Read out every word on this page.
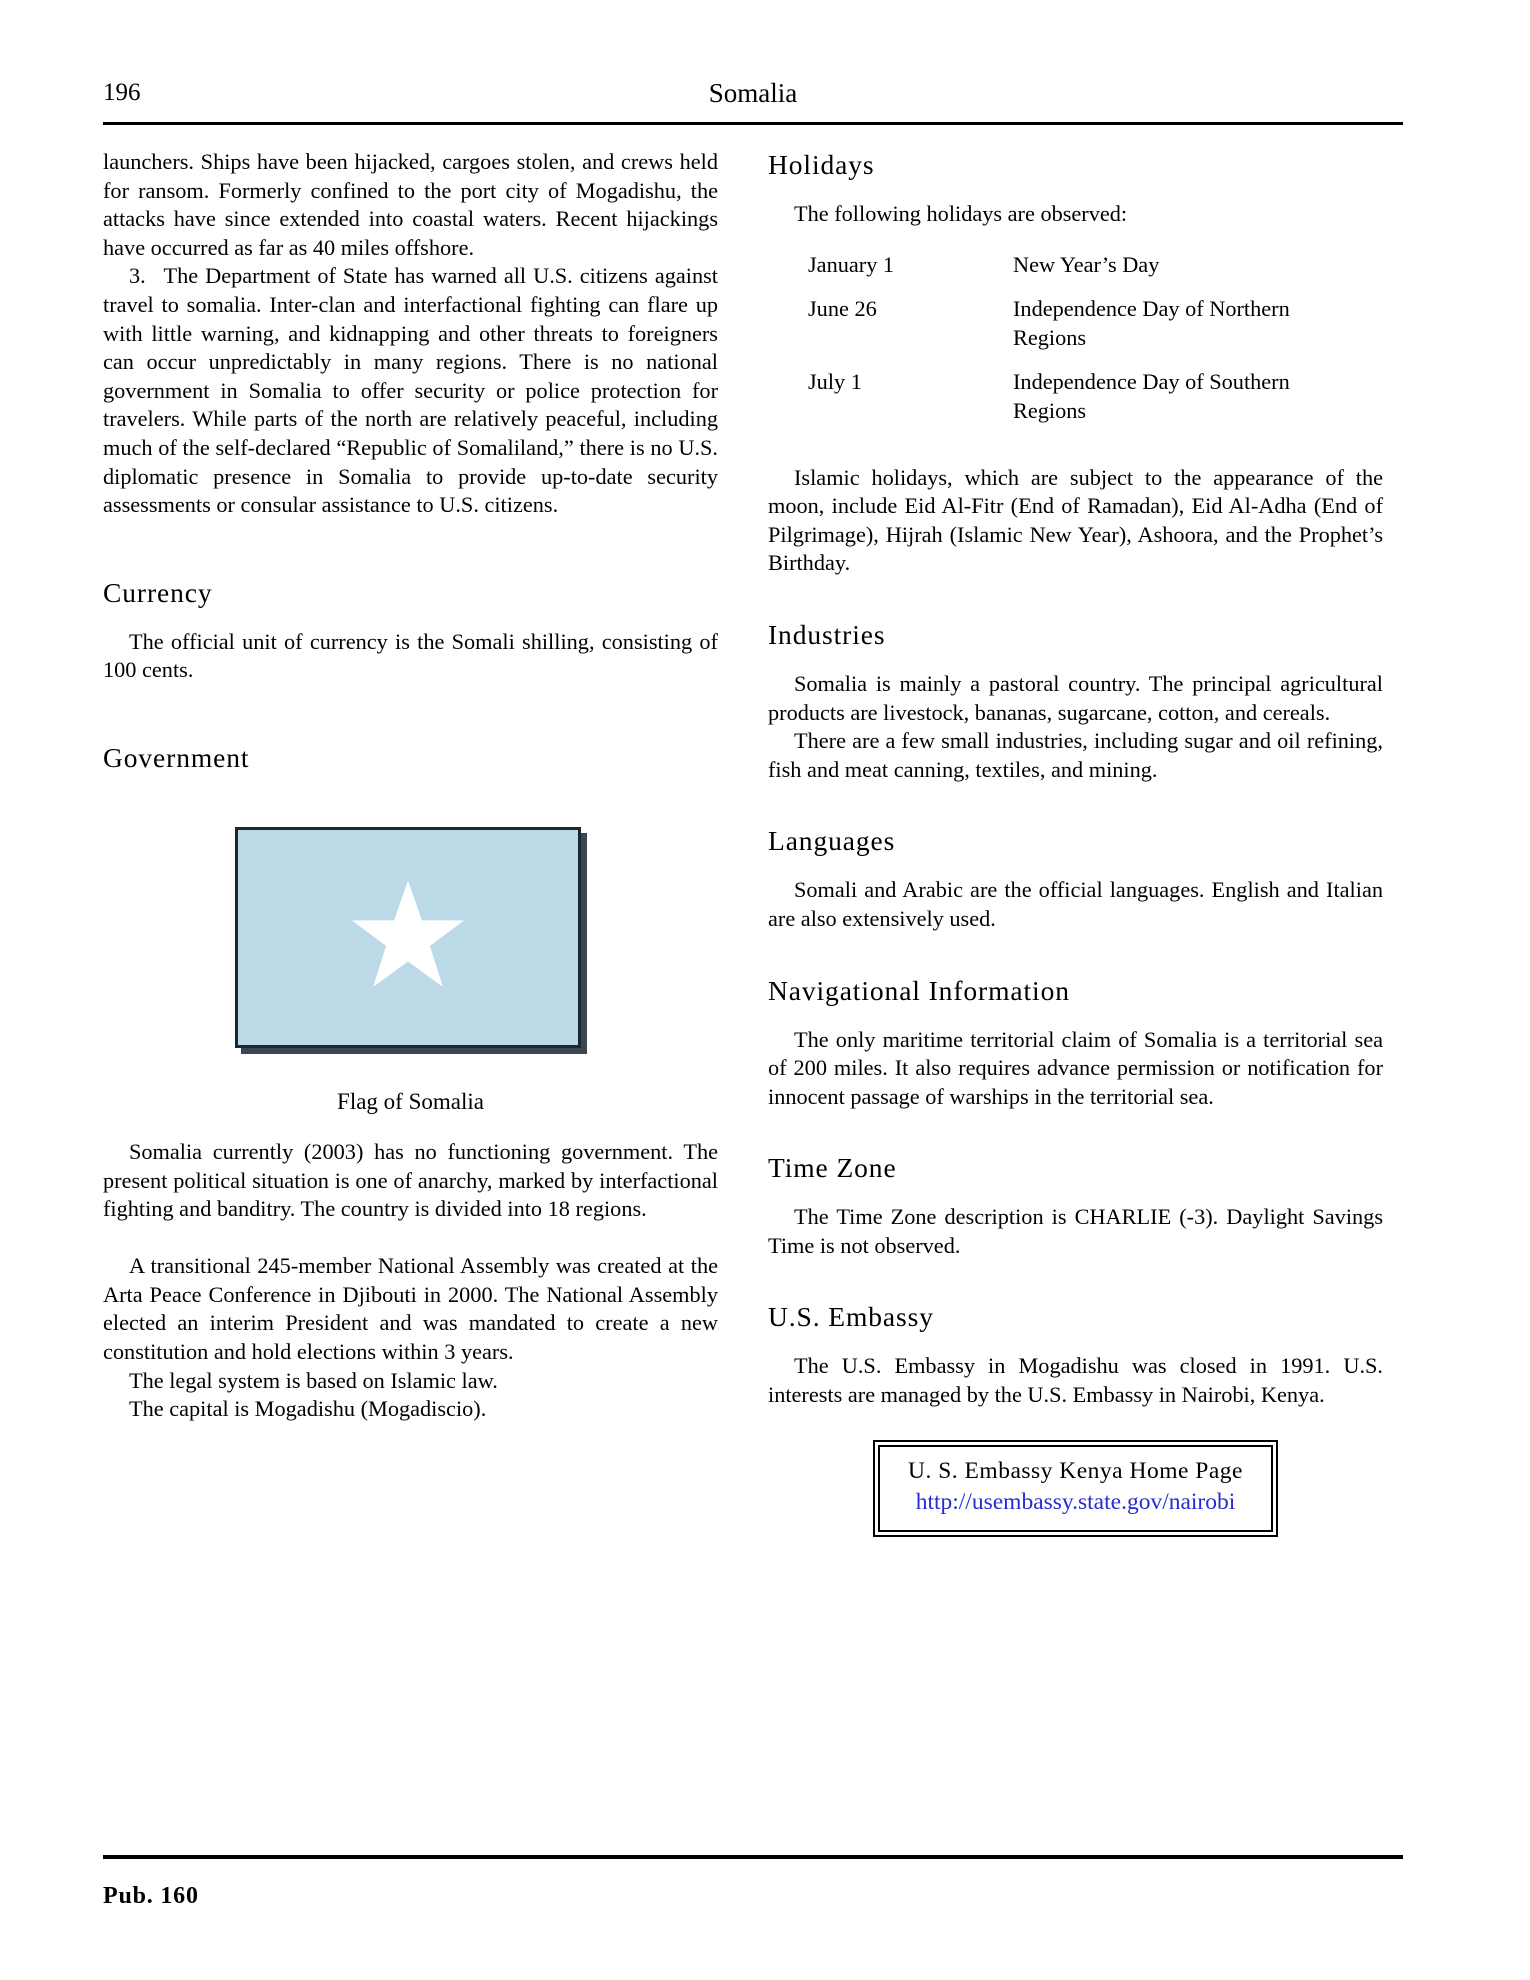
196	Somalia

launchers. Ships have been hijacked, cargoes stolen, and crews held for ransom. Formerly confined to the port city of Mogadishu, the attacks have since extended into coastal waters. Recent hijackings have occurred as far as 40 miles offshore.

3.  The Department of State has warned all U.S. citizens against travel to somalia. Inter-clan and interfactional fighting can flare up with little warning, and kidnapping and other threats to foreigners can occur unpredictably in many regions. There is no national government in Somalia to offer security or police protection for travelers. While parts of the north are relatively peaceful, including much of the self-declared “Republic of Somaliland,” there is no U.S. diplomatic presence in Somalia to provide up-to-date security assessments or consular assistance to U.S. citizens.

Currency

The official unit of currency is the Somali shilling, consisting of 100 cents.

Government
Flag of Somalia

Somalia currently (2003) has no functioning government. The present political situation is one of anarchy, marked by interfactional fighting and banditry. The country is divided into 18 regions.

A transitional 245-member National Assembly was created at the Arta Peace Conference in Djibouti in 2000. The National Assembly elected an interim President and was mandated to create a new constitution and hold elections within 3 years.

The legal system is based on Islamic law.

The capital is Mogadishu (Mogadiscio).

Holidays

The following holidays are observed:

January 1	New Year’s Day
June 26	Independence Day of Northern Regions
July 1	Independence Day of Southern Regions

Islamic holidays, which are subject to the appearance of the moon, include Eid Al-Fitr (End of Ramadan), Eid Al-Adha (End of Pilgrimage), Hijrah (Islamic New Year), Ashoora, and the Prophet’s Birthday.

Industries

Somalia is mainly a pastoral country. The principal agricultural products are livestock, bananas, sugarcane, cotton, and cereals.

There are a few small industries, including sugar and oil refining, fish and meat canning, textiles, and mining.

Languages

Somali and Arabic are the official languages. English and Italian are also extensively used.

Navigational Information

The only maritime territorial claim of Somalia is a territorial sea of 200 miles. It also requires advance permission or notification for innocent passage of warships in the territorial sea.

Time Zone

The Time Zone description is CHARLIE (-3). Daylight Savings Time is not observed.

U.S. Embassy

The U.S. Embassy in Mogadishu was closed in 1991. U.S. interests are managed by the U.S. Embassy in Nairobi, Kenya.

U. S. Embassy Kenya Home Page
http://usembassy.state.gov/nairobi
Pub. 160
